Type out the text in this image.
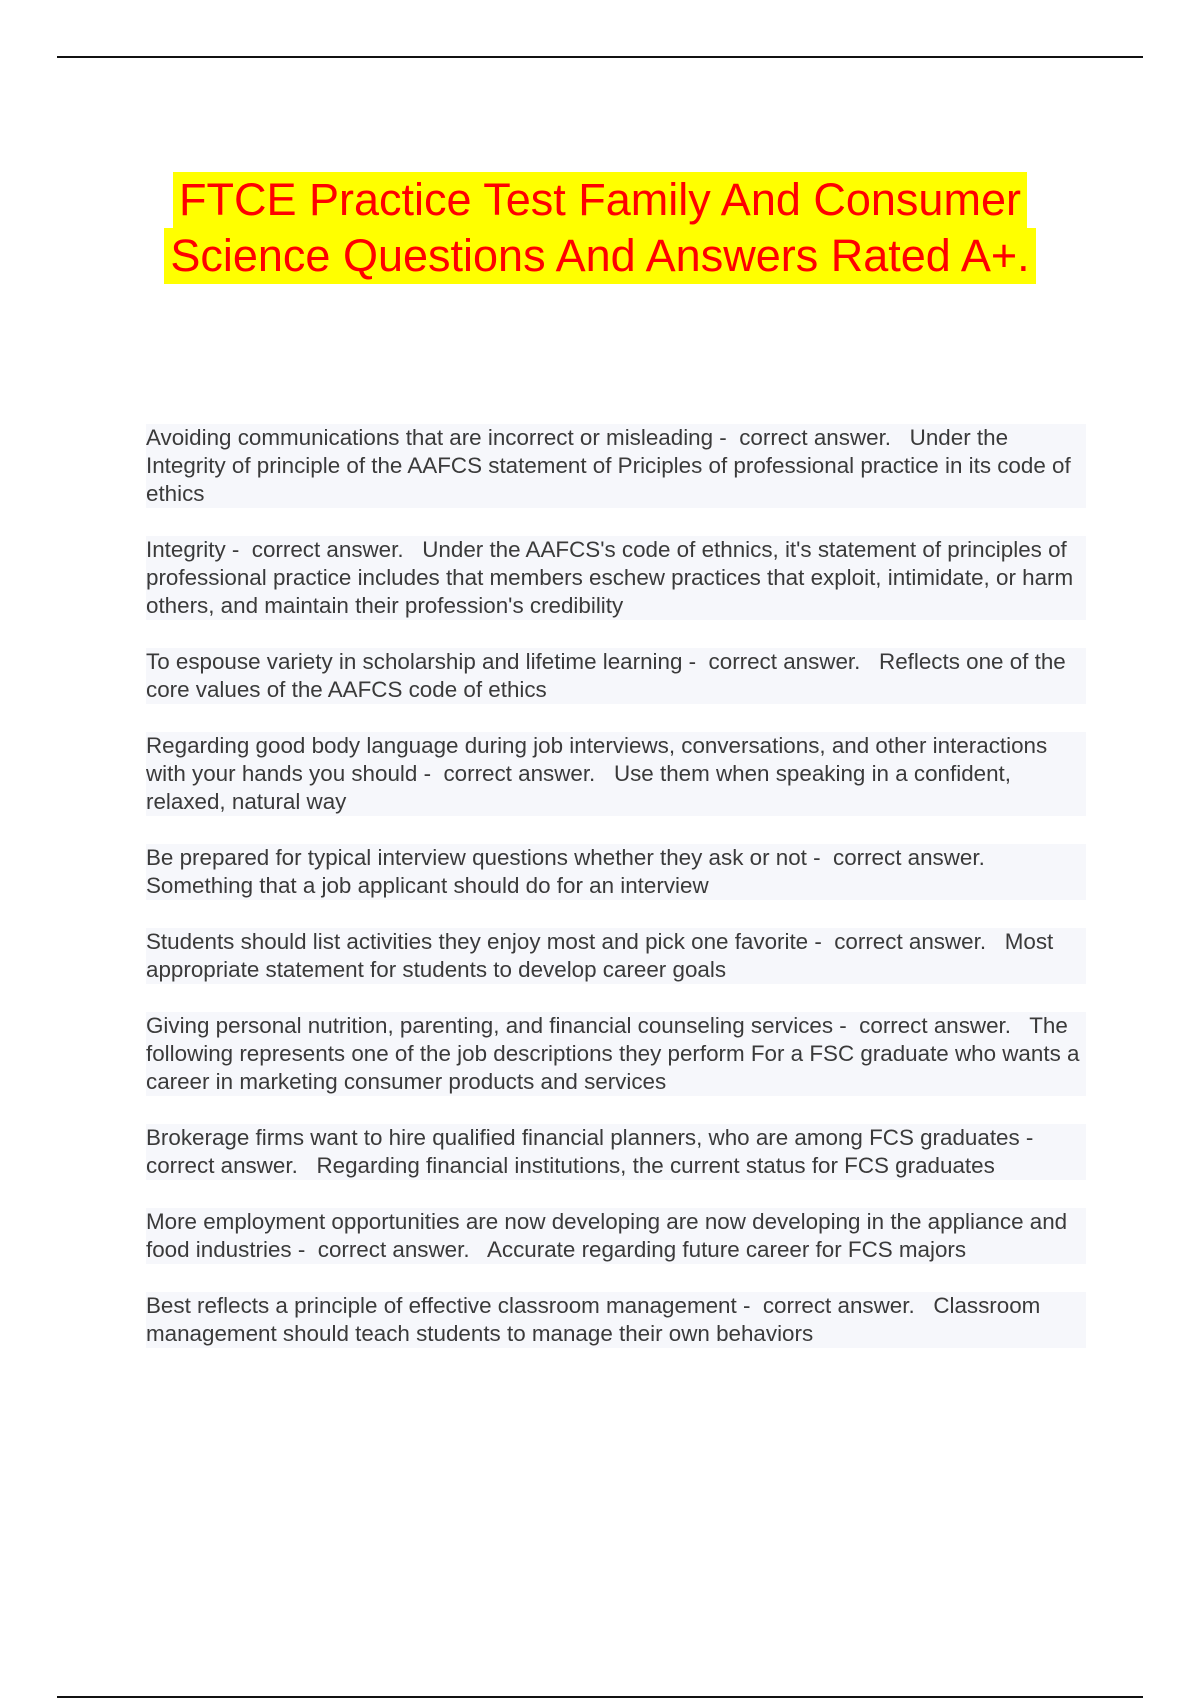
FTCE Practice Test Family And Consumer
Science Questions And Answers Rated A+.
Avoiding communications that are incorrect or misleading -  correct answer.   Under the Integrity of principle of the AAFCS statement of Priciples of professional practice in its code of ethics
Integrity -  correct answer.   Under the AAFCS's code of ethnics, it's statement of principles of professional practice includes that members eschew practices that exploit, intimidate, or harm others, and maintain their profession's credibility
To espouse variety in scholarship and lifetime learning -  correct answer.   Reflects one of the core values of the AAFCS code of ethics
Regarding good body language during job interviews, conversations, and other interactions with your hands you should -  correct answer.   Use them when speaking in a confident, relaxed, natural way
Be prepared for typical interview questions whether they ask or not -  correct answer.   Something that a job applicant should do for an interview
Students should list activities they enjoy most and pick one favorite -  correct answer.   Most appropriate statement for students to develop career goals
Giving personal nutrition, parenting, and financial counseling services -  correct answer.   The following represents one of the job descriptions they perform For a FSC graduate who wants a career in marketing consumer products and services
Brokerage firms want to hire qualified financial planners, who are among FCS graduates -  correct answer.   Regarding financial institutions, the current status for FCS graduates
More employment opportunities are now developing are now developing in the appliance and food industries -  correct answer.   Accurate regarding future career for FCS majors
Best reflects a principle of effective classroom management -  correct answer.   Classroom management should teach students to manage their own behaviors
